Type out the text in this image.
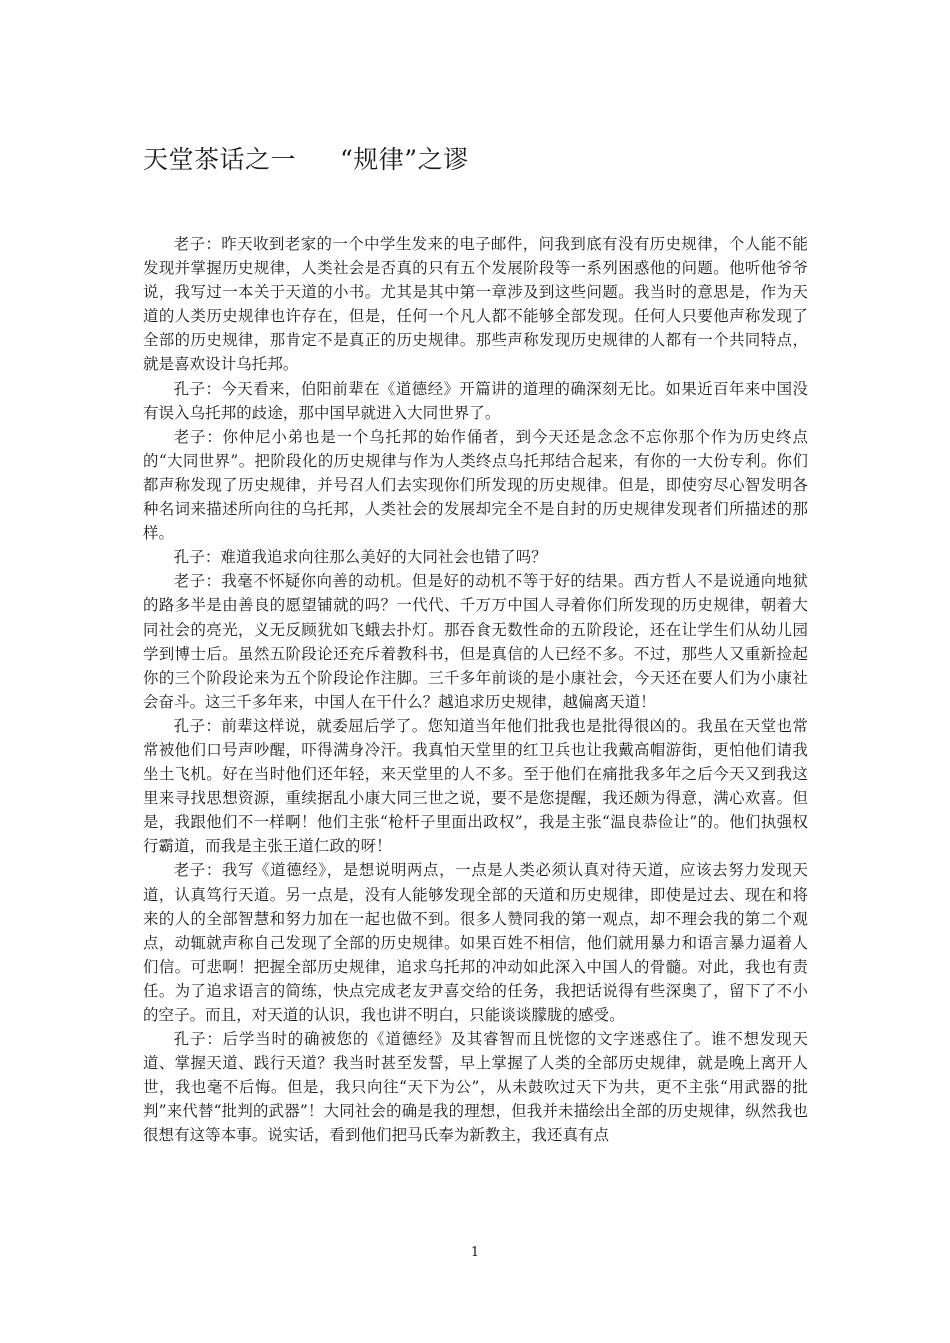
天堂茶话之一 “规律”之谬

老子：昨天收到老家的一个中学生发来的电子邮件，问我到底有没有历史规律，个人能不能发现并掌握历史规律，人类社会是否真的只有五个发展阶段等一系列困惑他的问题。他听他爷爷说，我写过一本关于天道的小书。尤其是其中第一章涉及到这些问题。我当时的意思是，作为天道的人类历史规律也许存在，但是，任何一个凡人都不能够全部发现。任何人只要他声称发现了全部的历史规律，那肯定不是真正的历史规律。那些声称发现历史规律的人都有一个共同特点，就是喜欢设计乌托邦。

孔子：今天看来，伯阳前辈在《道德经》开篇讲的道理的确深刻无比。如果近百年来中国没有误入乌托邦的歧途，那中国早就进入大同世界了。

老子：你仲尼小弟也是一个乌托邦的始作俑者，到今天还是念念不忘你那个作为历史终点的“大同世界”。把阶段化的历史规律与作为人类终点乌托邦结合起来，有你的一大份专利。你们都声称发现了历史规律，并号召人们去实现你们所发现的历史规律。但是，即使穷尽心智发明各种名词来描述所向往的乌托邦，人类社会的发展却完全不是自封的历史规律发现者们所描述的那样。

孔子：难道我追求向往那么美好的大同社会也错了吗？

老子：我毫不怀疑你向善的动机。但是好的动机不等于好的结果。西方哲人不是说通向地狱的路多半是由善良的愿望铺就的吗？一代代、千万万中国人寻着你们所发现的历史规律，朝着大同社会的亮光，义无反顾犹如飞蛾去扑灯。那吞食无数性命的五阶段论，还在让学生们从幼儿园学到博士后。虽然五阶段论还充斥着教科书，但是真信的人已经不多。不过，那些人又重新捡起你的三个阶段论来为五个阶段论作注脚。三千多年前谈的是小康社会，今天还在要人们为小康社会奋斗。这三千多年来，中国人在干什么？越追求历史规律，越偏离天道！

孔子：前辈这样说，就委屈后学了。您知道当年他们批我也是批得很凶的。我虽在天堂也常常被他们口号声吵醒，吓得满身冷汗。我真怕天堂里的红卫兵也让我戴高帽游街，更怕他们请我坐土飞机。好在当时他们还年轻，来天堂里的人不多。至于他们在痛批我多年之后今天又到我这里来寻找思想资源，重续据乱小康大同三世之说，要不是您提醒，我还颇为得意，满心欢喜。但是，我跟他们不一样啊！他们主张“枪杆子里面出政权”，我是主张“温良恭俭让”的。他们执强权行霸道，而我是主张王道仁政的呀！

老子：我写《道德经》，是想说明两点，一点是人类必须认真对待天道，应该去努力发现天道，认真笃行天道。另一点是，没有人能够发现全部的天道和历史规律，即使是过去、现在和将来的人的全部智慧和努力加在一起也做不到。很多人赞同我的第一观点，却不理会我的第二个观点，动辄就声称自己发现了全部的历史规律。如果百姓不相信，他们就用暴力和语言暴力逼着人们信。可悲啊！把握全部历史规律，追求乌托邦的冲动如此深入中国人的骨髓。对此，我也有责任。为了追求语言的简练，快点完成老友尹喜交给的任务，我把话说得有些深奥了，留下了不小的空子。而且，对天道的认识，我也讲不明白，只能谈谈朦胧的感受。

孔子：后学当时的确被您的《道德经》及其睿智而且恍惚的文字迷惑住了。谁不想发现天道、掌握天道、践行天道？我当时甚至发誓，早上掌握了人类的全部历史规律，就是晚上离开人世，我也毫不后悔。但是，我只向往“天下为公”，从未鼓吹过天下为共，更不主张“用武器的批判”来代替“批判的武器”！大同社会的确是我的理想，但我并未描绘出全部的历史规律，纵然我也很想有这等本事。说实话，看到他们把马氏奉为新教主，我还真有点

1
